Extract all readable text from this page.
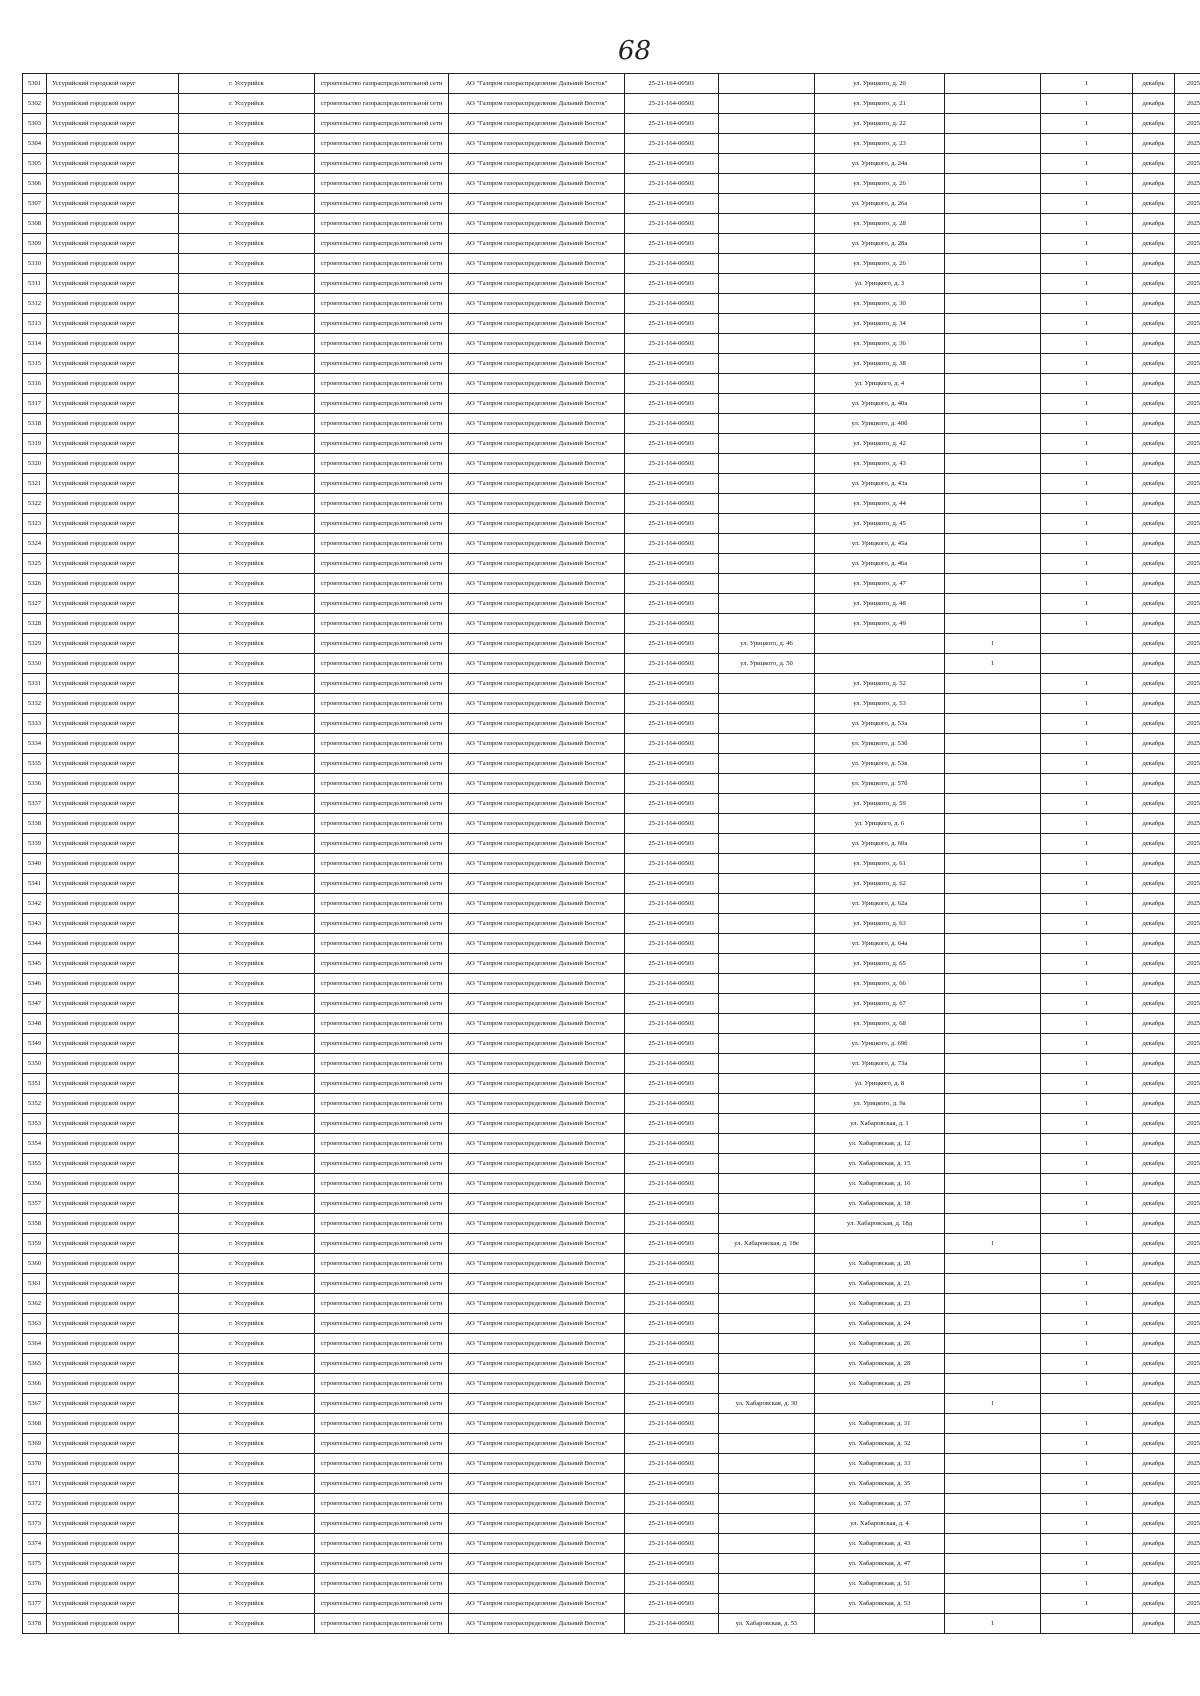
68
5301	Уссурийский городской округ	г. Уссурийск	строительство газораспределительной сети	АО "Газпром газораспределение Дальний Восток"	25-21-164-00501		ул. Урицкого, д. 20		1	декабрь	2025
5302	Уссурийский городской округ	г. Уссурийск	строительство газораспределительной сети	АО "Газпром газораспределение Дальний Восток"	25-21-164-00501		ул. Урицкого, д. 21		1	декабрь	2025
5303	Уссурийский городской округ	г. Уссурийск	строительство газораспределительной сети	АО "Газпром газораспределение Дальний Восток"	25-21-164-00501		ул. Урицкого, д. 22		1	декабрь	2025
5304	Уссурийский городской округ	г. Уссурийск	строительство газораспределительной сети	АО "Газпром газораспределение Дальний Восток"	25-21-164-00501		ул. Урицкого, д. 23		1	декабрь	2025
5305	Уссурийский городской округ	г. Уссурийск	строительство газораспределительной сети	АО "Газпром газораспределение Дальний Восток"	25-21-164-00501		ул. Урицкого, д. 24а		1	декабрь	2025
5306	Уссурийский городской округ	г. Уссурийск	строительство газораспределительной сети	АО "Газпром газораспределение Дальний Восток"	25-21-164-00501		ул. Урицкого, д. 26		1	декабрь	2025
5307	Уссурийский городской округ	г. Уссурийск	строительство газораспределительной сети	АО "Газпром газораспределение Дальний Восток"	25-21-164-00501		ул. Урицкого, д. 26а		1	декабрь	2025
5308	Уссурийский городской округ	г. Уссурийск	строительство газораспределительной сети	АО "Газпром газораспределение Дальний Восток"	25-21-164-00501		ул. Урицкого, д. 28		1	декабрь	2025
5309	Уссурийский городской округ	г. Уссурийск	строительство газораспределительной сети	АО "Газпром газораспределение Дальний Восток"	25-21-164-00501		ул. Урицкого, д. 28а		1	декабрь	2025
5310	Уссурийский городской округ	г. Уссурийск	строительство газораспределительной сети	АО "Газпром газораспределение Дальний Восток"	25-21-164-00501		ул. Урицкого, д. 26		1	декабрь	2025
5311	Уссурийский городской округ	г. Уссурийск	строительство газораспределительной сети	АО "Газпром газораспределение Дальний Восток"	25-21-164-00501		ул. Урицкого, д. 3		1	декабрь	2025
5312	Уссурийский городской округ	г. Уссурийск	строительство газораспределительной сети	АО "Газпром газораспределение Дальний Восток"	25-21-164-00501		ул. Урицкого, д. 30		1	декабрь	2025
5313	Уссурийский городской округ	г. Уссурийск	строительство газораспределительной сети	АО "Газпром газораспределение Дальний Восток"	25-21-164-00501		ул. Урицкого, д. 34		1	декабрь	2025
5314	Уссурийский городской округ	г. Уссурийск	строительство газораспределительной сети	АО "Газпром газораспределение Дальний Восток"	25-21-164-00501		ул. Урицкого, д. 36		1	декабрь	2025
5315	Уссурийский городской округ	г. Уссурийск	строительство газораспределительной сети	АО "Газпром газораспределение Дальний Восток"	25-21-164-00501		ул. Урицкого, д. 38		1	декабрь	2025
5316	Уссурийский городской округ	г. Уссурийск	строительство газораспределительной сети	АО "Газпром газораспределение Дальний Восток"	25-21-164-00501		ул. Урицкого, д. 4		1	декабрь	2025
5317	Уссурийский городской округ	г. Уссурийск	строительство газораспределительной сети	АО "Газпром газораспределение Дальний Восток"	25-21-164-00501		ул. Урицкого, д. 40а		1	декабрь	2025
5318	Уссурийский городской округ	г. Уссурийск	строительство газораспределительной сети	АО "Газпром газораспределение Дальний Восток"	25-21-164-00501		ул. Урицкого, д. 40б		1	декабрь	2025
5319	Уссурийский городской округ	г. Уссурийск	строительство газораспределительной сети	АО "Газпром газораспределение Дальний Восток"	25-21-164-00501		ул. Урицкого, д. 42		1	декабрь	2025
5320	Уссурийский городской округ	г. Уссурийск	строительство газораспределительной сети	АО "Газпром газораспределение Дальний Восток"	25-21-164-00501		ул. Урицкого, д. 43		1	декабрь	2025
5321	Уссурийский городской округ	г. Уссурийск	строительство газораспределительной сети	АО "Газпром газораспределение Дальний Восток"	25-21-164-00501		ул. Урицкого, д. 43а		1	декабрь	2025
5322	Уссурийский городской округ	г. Уссурийск	строительство газораспределительной сети	АО "Газпром газораспределение Дальний Восток"	25-21-164-00501		ул. Урицкого, д. 44		1	декабрь	2025
5323	Уссурийский городской округ	г. Уссурийск	строительство газораспределительной сети	АО "Газпром газораспределение Дальний Восток"	25-21-164-00501		ул. Урицкого, д. 45		1	декабрь	2025
5324	Уссурийский городской округ	г. Уссурийск	строительство газораспределительной сети	АО "Газпром газораспределение Дальний Восток"	25-21-164-00501		ул. Урицкого, д. 45а		1	декабрь	2025
5325	Уссурийский городской округ	г. Уссурийск	строительство газораспределительной сети	АО "Газпром газораспределение Дальний Восток"	25-21-164-00501		ул. Урицкого, д. 46а		1	декабрь	2025
5326	Уссурийский городской округ	г. Уссурийск	строительство газораспределительной сети	АО "Газпром газораспределение Дальний Восток"	25-21-164-00501		ул. Урицкого, д. 47		1	декабрь	2025
5327	Уссурийский городской округ	г. Уссурийск	строительство газораспределительной сети	АО "Газпром газораспределение Дальний Восток"	25-21-164-00501		ул. Урицкого, д. 48		1	декабрь	2025
5328	Уссурийский городской округ	г. Уссурийск	строительство газораспределительной сети	АО "Газпром газораспределение Дальний Восток"	25-21-164-00501		ул. Урицкого, д. 49		1	декабрь	2025
5329	Уссурийский городской округ	г. Уссурийск	строительство газораспределительной сети	АО "Газпром газораспределение Дальний Восток"	25-21-164-00501	ул. Урицкого, д. 46		1		декабрь	2025
5330	Уссурийский городской округ	г. Уссурийск	строительство газораспределительной сети	АО "Газпром газораспределение Дальний Восток"	25-21-164-00501	ул. Урицкого, д. 50		1		декабрь	2025
5331	Уссурийский городской округ	г. Уссурийск	строительство газораспределительной сети	АО "Газпром газораспределение Дальний Восток"	25-21-164-00501		ул. Урицкого, д. 52		1	декабрь	2025
5332	Уссурийский городской округ	г. Уссурийск	строительство газораспределительной сети	АО "Газпром газораспределение Дальний Восток"	25-21-164-00501		ул. Урицкого, д. 53		1	декабрь	2025
5333	Уссурийский городской округ	г. Уссурийск	строительство газораспределительной сети	АО "Газпром газораспределение Дальний Восток"	25-21-164-00501		ул. Урицкого, д. 53а		1	декабрь	2025
5334	Уссурийский городской округ	г. Уссурийск	строительство газораспределительной сети	АО "Газпром газораспределение Дальний Восток"	25-21-164-00501		ул. Урицкого, д. 53б		1	декабрь	2025
5335	Уссурийский городской округ	г. Уссурийск	строительство газораспределительной сети	АО "Газпром газораспределение Дальний Восток"	25-21-164-00501		ул. Урицкого, д. 53в		1	декабрь	2025
5336	Уссурийский городской округ	г. Уссурийск	строительство газораспределительной сети	АО "Газпром газораспределение Дальний Восток"	25-21-164-00501		ул. Урицкого, д. 57б		1	декабрь	2025
5337	Уссурийский городской округ	г. Уссурийск	строительство газораспределительной сети	АО "Газпром газораспределение Дальний Восток"	25-21-164-00501		ул. Урицкого, д. 59		1	декабрь	2025
5338	Уссурийский городской округ	г. Уссурийск	строительство газораспределительной сети	АО "Газпром газораспределение Дальний Восток"	25-21-164-00501		ул. Урицкого, д. 6		1	декабрь	2025
5339	Уссурийский городской округ	г. Уссурийск	строительство газораспределительной сети	АО "Газпром газораспределение Дальний Восток"	25-21-164-00501		ул. Урицкого, д. 60а		1	декабрь	2025
5340	Уссурийский городской округ	г. Уссурийск	строительство газораспределительной сети	АО "Газпром газораспределение Дальний Восток"	25-21-164-00501		ул. Урицкого, д. 61		1	декабрь	2025
5341	Уссурийский городской округ	г. Уссурийск	строительство газораспределительной сети	АО "Газпром газораспределение Дальний Восток"	25-21-164-00501		ул. Урицкого, д. 62		1	декабрь	2025
5342	Уссурийский городской округ	г. Уссурийск	строительство газораспределительной сети	АО "Газпром газораспределение Дальний Восток"	25-21-164-00501		ул. Урицкого, д. 62а		1	декабрь	2025
5343	Уссурийский городской округ	г. Уссурийск	строительство газораспределительной сети	АО "Газпром газораспределение Дальний Восток"	25-21-164-00501		ул. Урицкого, д. 63		1	декабрь	2025
5344	Уссурийский городской округ	г. Уссурийск	строительство газораспределительной сети	АО "Газпром газораспределение Дальний Восток"	25-21-164-00501		ул. Урицкого, д. 64а		1	декабрь	2025
5345	Уссурийский городской округ	г. Уссурийск	строительство газораспределительной сети	АО "Газпром газораспределение Дальний Восток"	25-21-164-00501		ул. Урицкого, д. 65		1	декабрь	2025
5346	Уссурийский городской округ	г. Уссурийск	строительство газораспределительной сети	АО "Газпром газораспределение Дальний Восток"	25-21-164-00501		ул. Урицкого, д. 66		1	декабрь	2025
5347	Уссурийский городской округ	г. Уссурийск	строительство газораспределительной сети	АО "Газпром газораспределение Дальний Восток"	25-21-164-00501		ул. Урицкого, д. 67		1	декабрь	2025
5348	Уссурийский городской округ	г. Уссурийск	строительство газораспределительной сети	АО "Газпром газораспределение Дальний Восток"	25-21-164-00501		ул. Урицкого, д. 68		1	декабрь	2025
5349	Уссурийский городской округ	г. Уссурийск	строительство газораспределительной сети	АО "Газпром газораспределение Дальний Восток"	25-21-164-00501		ул. Урицкого, д. 69б		1	декабрь	2025
5350	Уссурийский городской округ	г. Уссурийск	строительство газораспределительной сети	АО "Газпром газораспределение Дальний Восток"	25-21-164-00501		ул. Урицкого, д. 73а		1	декабрь	2025
5351	Уссурийский городской округ	г. Уссурийск	строительство газораспределительной сети	АО "Газпром газораспределение Дальний Восток"	25-21-164-00501		ул. Урицкого, д. 8		1	декабрь	2025
5352	Уссурийский городской округ	г. Уссурийск	строительство газораспределительной сети	АО "Газпром газораспределение Дальний Восток"	25-21-164-00501		ул. Урицкого, д. 9а		1	декабрь	2025
5353	Уссурийский городской округ	г. Уссурийск	строительство газораспределительной сети	АО "Газпром газораспределение Дальний Восток"	25-21-164-00501		ул. Хабаровская, д. 1		1	декабрь	2025
5354	Уссурийский городской округ	г. Уссурийск	строительство газораспределительной сети	АО "Газпром газораспределение Дальний Восток"	25-21-164-00501		ул. Хабаровская, д. 12		1	декабрь	2025
5355	Уссурийский городской округ	г. Уссурийск	строительство газораспределительной сети	АО "Газпром газораспределение Дальний Восток"	25-21-164-00501		ул. Хабаровская, д. 15		1	декабрь	2025
5356	Уссурийский городской округ	г. Уссурийск	строительство газораспределительной сети	АО "Газпром газораспределение Дальний Восток"	25-21-164-00501		ул. Хабаровская, д. 16		1	декабрь	2025
5357	Уссурийский городской округ	г. Уссурийск	строительство газораспределительной сети	АО "Газпром газораспределение Дальний Восток"	25-21-164-00501		ул. Хабаровская, д. 18		1	декабрь	2025
5358	Уссурийский городской округ	г. Уссурийск	строительство газораспределительной сети	АО "Газпром газораспределение Дальний Восток"	25-21-164-00501		ул. Хабаровская, д. 18д		1	декабрь	2025
5359	Уссурийский городской округ	г. Уссурийск	строительство газораспределительной сети	АО "Газпром газораспределение Дальний Восток"	25-21-164-00501	ул. Хабаровская, д. 18е		1		декабрь	2025
5360	Уссурийский городской округ	г. Уссурийск	строительство газораспределительной сети	АО "Газпром газораспределение Дальний Восток"	25-21-164-00501		ул. Хабаровская, д. 20		1	декабрь	2025
5361	Уссурийский городской округ	г. Уссурийск	строительство газораспределительной сети	АО "Газпром газораспределение Дальний Восток"	25-21-164-00501		ул. Хабаровская, д. 21		1	декабрь	2025
5362	Уссурийский городской округ	г. Уссурийск	строительство газораспределительной сети	АО "Газпром газораспределение Дальний Восток"	25-21-164-00501		ул. Хабаровская, д. 23		1	декабрь	2025
5363	Уссурийский городской округ	г. Уссурийск	строительство газораспределительной сети	АО "Газпром газораспределение Дальний Восток"	25-21-164-00501		ул. Хабаровская, д. 24		1	декабрь	2025
5364	Уссурийский городской округ	г. Уссурийск	строительство газораспределительной сети	АО "Газпром газораспределение Дальний Восток"	25-21-164-00501		ул. Хабаровская, д. 26		1	декабрь	2025
5365	Уссурийский городской округ	г. Уссурийск	строительство газораспределительной сети	АО "Газпром газораспределение Дальний Восток"	25-21-164-00501		ул. Хабаровская, д. 28		1	декабрь	2025
5366	Уссурийский городской округ	г. Уссурийск	строительство газораспределительной сети	АО "Газпром газораспределение Дальний Восток"	25-21-164-00501		ул. Хабаровская, д. 29		1	декабрь	2025
5367	Уссурийский городской округ	г. Уссурийск	строительство газораспределительной сети	АО "Газпром газораспределение Дальний Восток"	25-21-164-00501	ул. Хабаровская, д. 30		1		декабрь	2025
5368	Уссурийский городской округ	г. Уссурийск	строительство газораспределительной сети	АО "Газпром газораспределение Дальний Восток"	25-21-164-00501		ул. Хабаровская, д. 31		1	декабрь	2025
5369	Уссурийский городской округ	г. Уссурийск	строительство газораспределительной сети	АО "Газпром газораспределение Дальний Восток"	25-21-164-00501		ул. Хабаровская, д. 32		1	декабрь	2025
5370	Уссурийский городской округ	г. Уссурийск	строительство газораспределительной сети	АО "Газпром газораспределение Дальний Восток"	25-21-164-00501		ул. Хабаровская, д. 33		1	декабрь	2025
5371	Уссурийский городской округ	г. Уссурийск	строительство газораспределительной сети	АО "Газпром газораспределение Дальний Восток"	25-21-164-00501		ул. Хабаровская, д. 35		1	декабрь	2025
5372	Уссурийский городской округ	г. Уссурийск	строительство газораспределительной сети	АО "Газпром газораспределение Дальний Восток"	25-21-164-00501		ул. Хабаровская, д. 37		1	декабрь	2025
5373	Уссурийский городской округ	г. Уссурийск	строительство газораспределительной сети	АО "Газпром газораспределение Дальний Восток"	25-21-164-00501		ул. Хабаровская, д. 4		1	декабрь	2025
5374	Уссурийский городской округ	г. Уссурийск	строительство газораспределительной сети	АО "Газпром газораспределение Дальний Восток"	25-21-164-00501		ул. Хабаровская, д. 43		1	декабрь	2025
5375	Уссурийский городской округ	г. Уссурийск	строительство газораспределительной сети	АО "Газпром газораспределение Дальний Восток"	25-21-164-00501		ул. Хабаровская, д. 47		1	декабрь	2025
5376	Уссурийский городской округ	г. Уссурийск	строительство газораспределительной сети	АО "Газпром газораспределение Дальний Восток"	25-21-164-00501		ул. Хабаровская, д. 51		1	декабрь	2025
5377	Уссурийский городской округ	г. Уссурийск	строительство газораспределительной сети	АО "Газпром газораспределение Дальний Восток"	25-21-164-00501		ул. Хабаровская, д. 53		1	декабрь	2025
5378	Уссурийский городской округ	г. Уссурийск	строительство газораспределительной сети	АО "Газпром газораспределение Дальний Восток"	25-21-164-00501	ул. Хабаровская, д. 55		1		декабрь	2025
